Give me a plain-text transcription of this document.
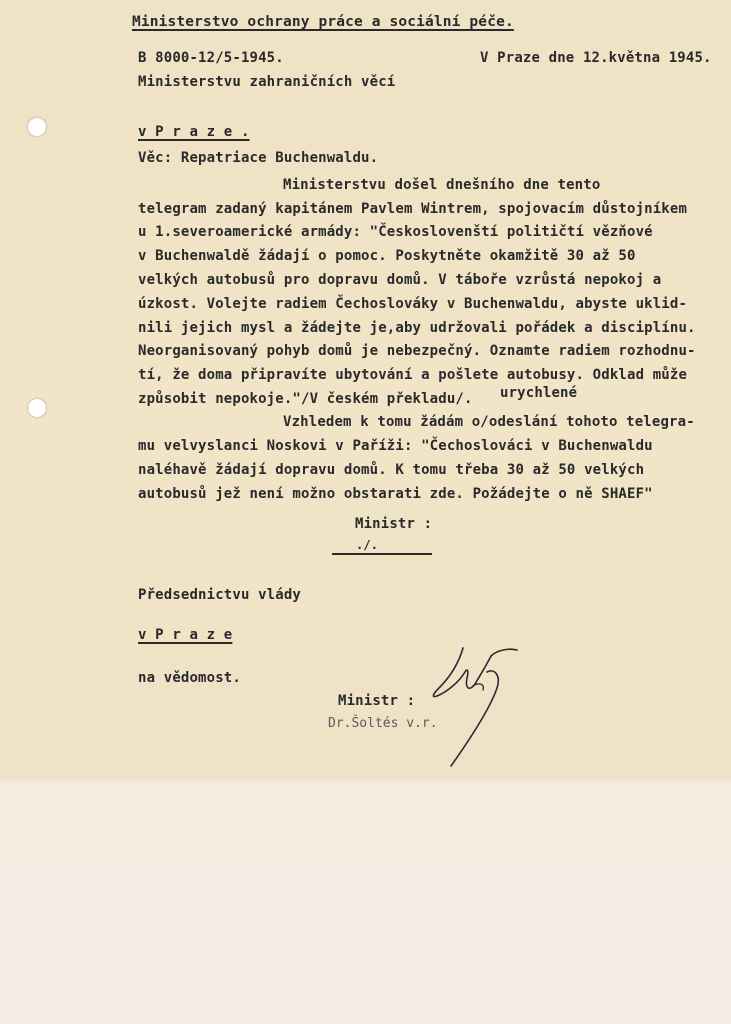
Ministerstvo ochrany práce a sociální péče.
B 8000-12/5-1945.	V Praze dne 12.května 1945.
Ministerstvu zahraničních věcí
v P r a z e .
Věc: Repatriace Buchenwaldu.
Ministerstvu došel dnešního dne tento
telegram zadaný kapitánem Pavlem Wintrem, spojovacím důstojníkem
u 1.severoamerické armády: "Českoslovenští političtí vězňové
v Buchenwaldě žádají o pomoc. Poskytněte okamžitě 30 až 50
velkých autobusů pro dopravu domů. V táboře vzrůstá nepokoj a
úzkost. Volejte radiem Čechoslováky v Buchenwaldu, abyste uklid-
nili jejich mysl a žádejte je,aby udržovali pořádek a disciplínu.
Neorganisovaný pohyb domů je nebezpečný. Oznamte radiem rozhodnu-
tí, že doma připravíte ubytování a pošlete autobusy. Odklad může
způsobit nepokoje."/V českém překladu/. urychlené
Vzhledem k tomu žádám o/odeslání tohoto telegra-
mu velvyslanci Noskovi v Paříži: "Čechoslováci v Buchenwaldu
naléhavě žádají dopravu domů. K tomu třeba 30 až 50 velkých
autobusů jež není možno obstarati zde. Požádejte o ně SHAEF"
Ministr :
./.
Předsednictvu vlády
v P r a z e
na vědomost.
Ministr :
Dr.Šoltés v.r.
